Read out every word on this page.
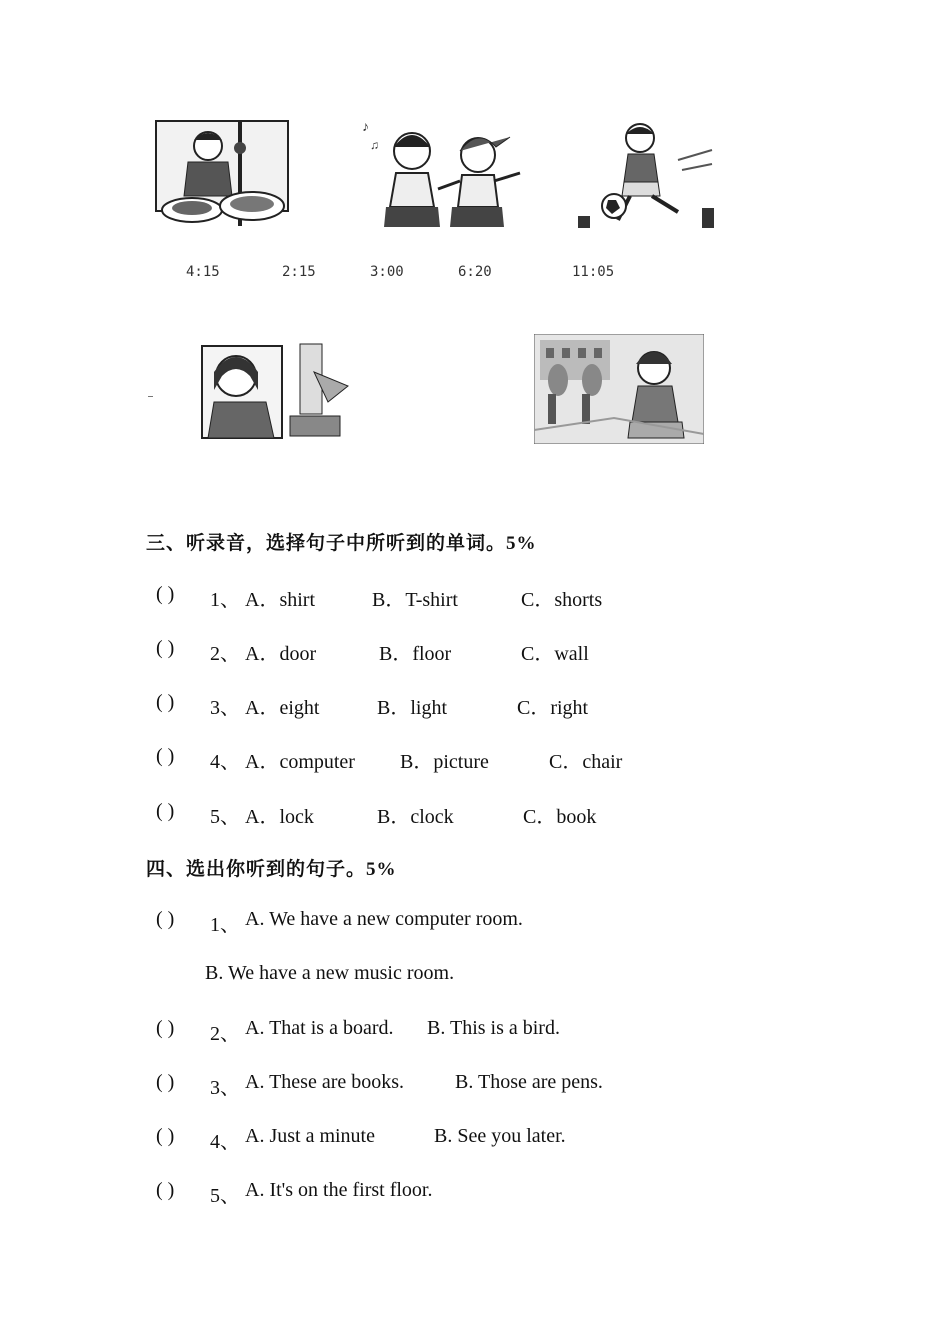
♪
♫
4:15	2:15	3:00	6:20	11:05
三、听录音，选择句子中所听到的单词。5%
( ) 1、 A．shirt	B．T-shirt	C．shorts
( ) 2、 A．door	B．floor	C．wall
( ) 3、 A．eight	B．light	C．right
( ) 4、 A．computer B．picture	C．chair
( ) 5、 A．lock	B．clock	C．book
四、选出你听到的句子。5%
( ) 1、 A. We have a new computer room.
B. We have a new music room.
( ) 2、 A. That is a board. B. This is a bird.
( ) 3、 A. These are books.	B. Those are pens.
( ) 4、 A. Just a minute	B. See you later.
( ) 5、 A. It's on the first floor.
